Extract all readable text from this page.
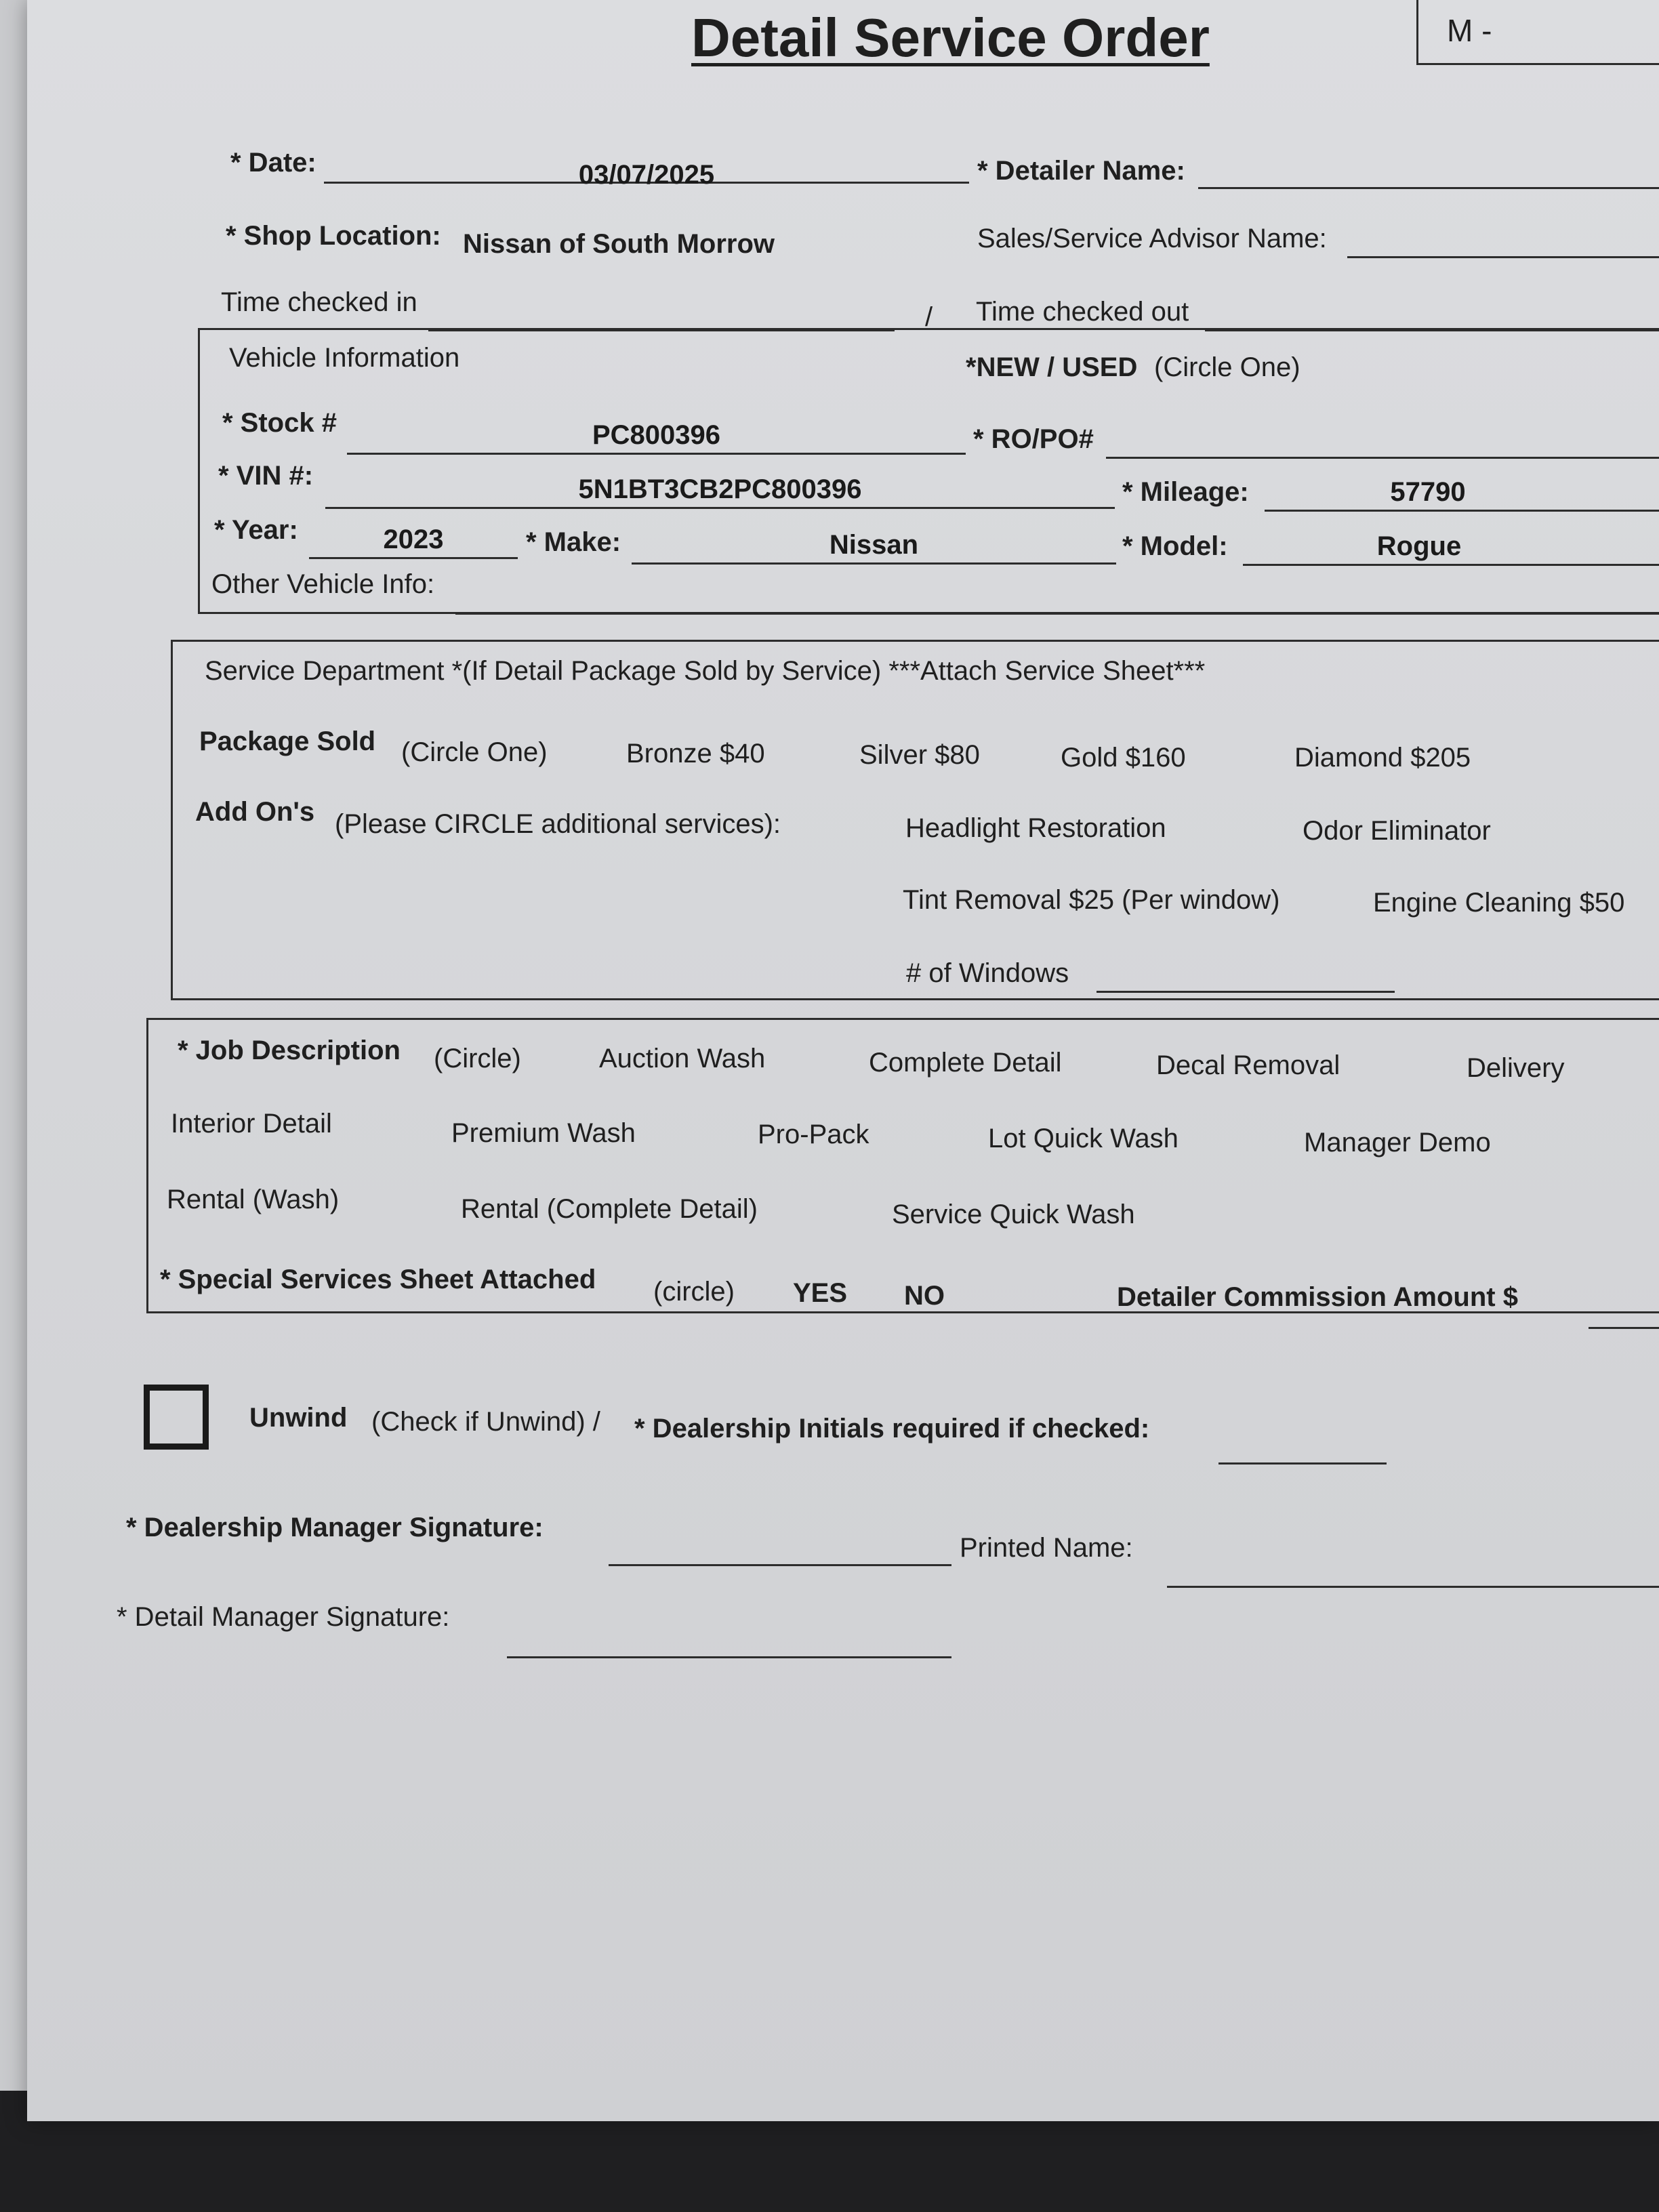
Detail Service Order	M -
* Date:	03/07/2025	* Detailer Name:
* Shop Location: Nissan of South Morrow	Sales/Service Advisor Name:
Time checked in	/ Time checked out
Vehicle Information	*NEW / USED (Circle One)
* Stock #	PC800396	* RO/PO#
* VIN #:	5N1BT3CB2PC800396	* Mileage:	57790
* Year:	2023	* Make:	Nissan	* Model:	Rogue
Other Vehicle Info:
Service Department *(If Detail Package Sold by Service) ***Attach Service Sheet***
Package Sold (Circle One)	Bronze $40	Silver $80	Gold $160	Diamond $205
Add On's (Please CIRCLE additional services):	Headlight Restoration	Odor Eliminator
Tint Removal $25 (Per window)	Engine Cleaning $50
# of Windows
* Job Description (Circle)	Auction Wash	Complete Detail	Decal Removal	Delivery
Interior Detail	Premium Wash	Pro-Pack	Lot Quick Wash	Manager Demo
Rental (Wash)	Rental (Complete Detail)	Service Quick Wash
* Special Services Sheet Attached (circle) YES NO	Detailer Commission Amount $
Unwind (Check if Unwind) / * Dealership Initials required if checked:
* Dealership Manager Signature:
Printed Name:
* Detail Manager Signature:
